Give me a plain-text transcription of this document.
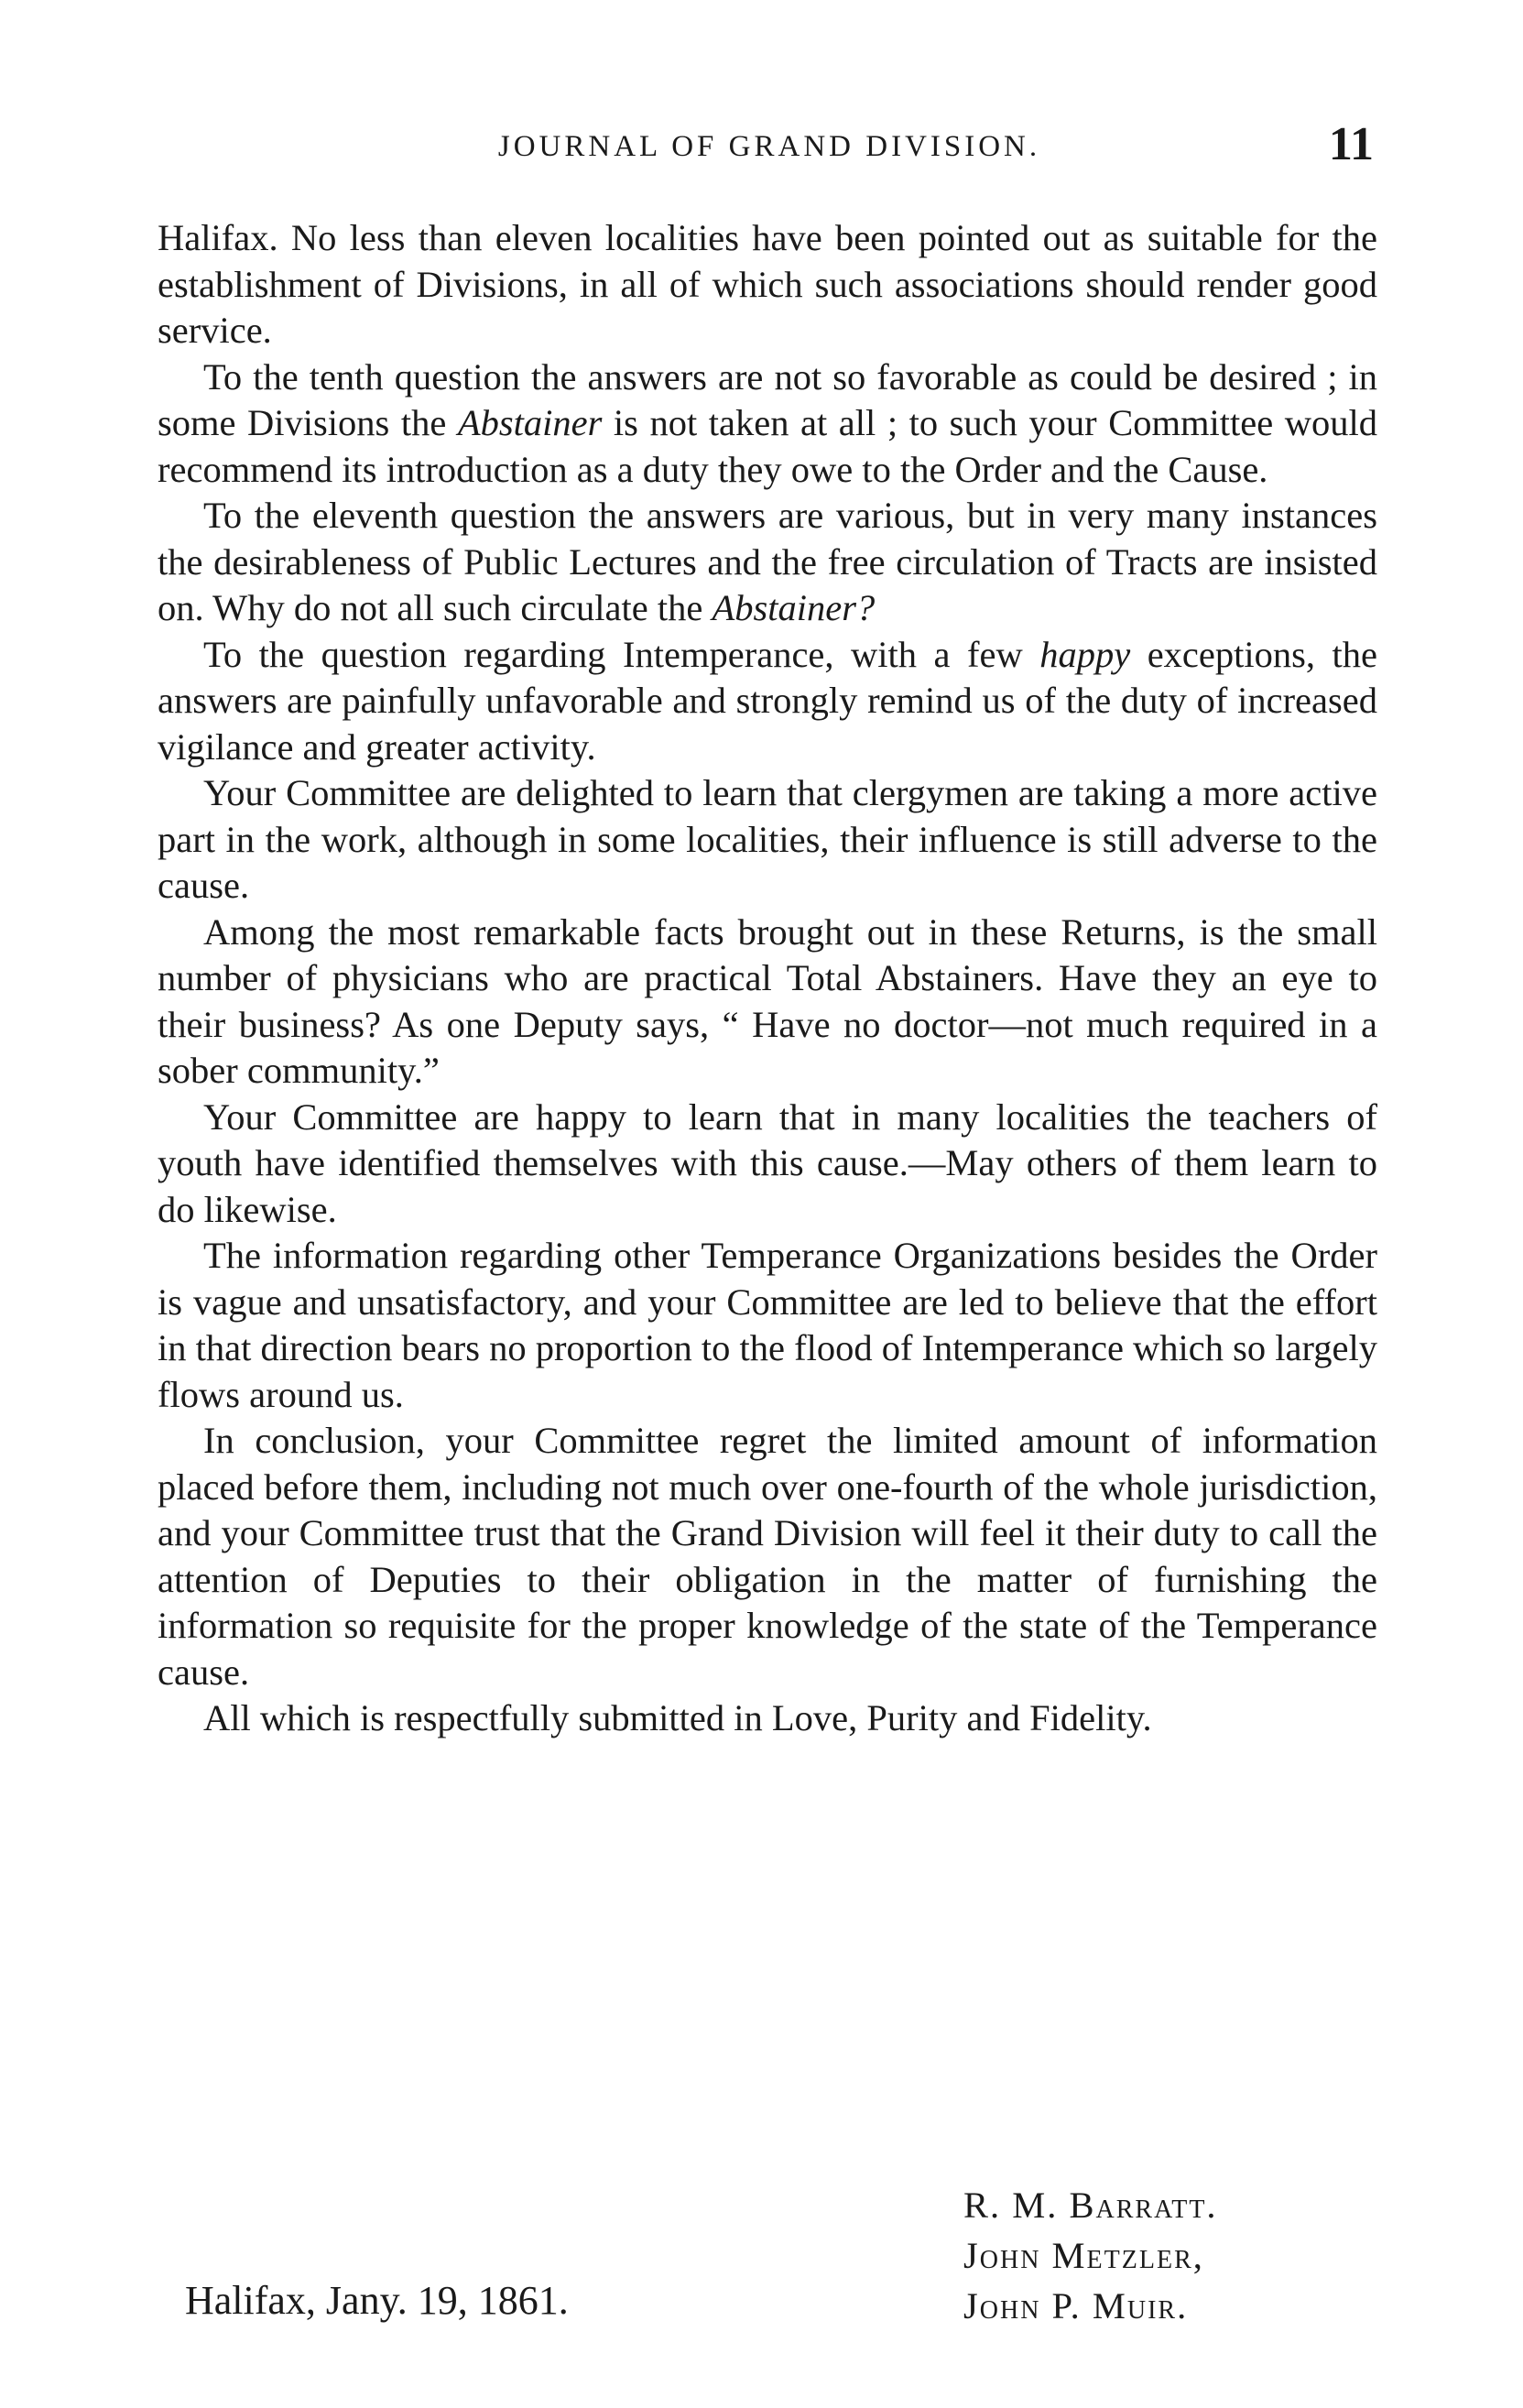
JOURNAL OF GRAND DIVISION.	11

Halifax. No less than eleven localities have been pointed out as suitable for the establishment of Divisions, in all of which such associations should render good service.

To the tenth question the answers are not so favorable as could be desired ; in some Divisions the Abstainer is not taken at all ; to such your Committee would recommend its introduction as a duty they owe to the Order and the Cause.

To the eleventh question the answers are various, but in very many instances the desirableness of Public Lectures and the free circulation of Tracts are insisted on. Why do not all such circulate the Abstainer?

To the question regarding Intemperance, with a few happy exceptions, the answers are painfully unfavorable and strongly remind us of the duty of increased vigilance and greater activity.

Your Committee are delighted to learn that clergymen are taking a more active part in the work, although in some localities, their influence is still adverse to the cause.

Among the most remarkable facts brought out in these Returns, is the small number of physicians who are practical Total Abstainers. Have they an eye to their business? As one Deputy says, “ Have no doctor—not much required in a sober community.”

Your Committee are happy to learn that in many localities the teachers of youth have identified themselves with this cause.—May others of them learn to do likewise.

The information regarding other Temperance Organizations besides the Order is vague and unsatisfactory, and your Committee are led to believe that the effort in that direction bears no proportion to the flood of Intemperance which so largely flows around us.

In conclusion, your Committee regret the limited amount of information placed before them, including not much over one-fourth of the whole jurisdiction, and your Committee trust that the Grand Division will feel it their duty to call the attention of Deputies to their obligation in the matter of furnishing the information so requisite for the proper knowledge of the state of the Temperance cause.

All which is respectfully submitted in Love, Purity and Fidelity.

R. M. Barratt.
John Metzler,
John P. Muir.
Halifax, Jany. 19, 1861.
